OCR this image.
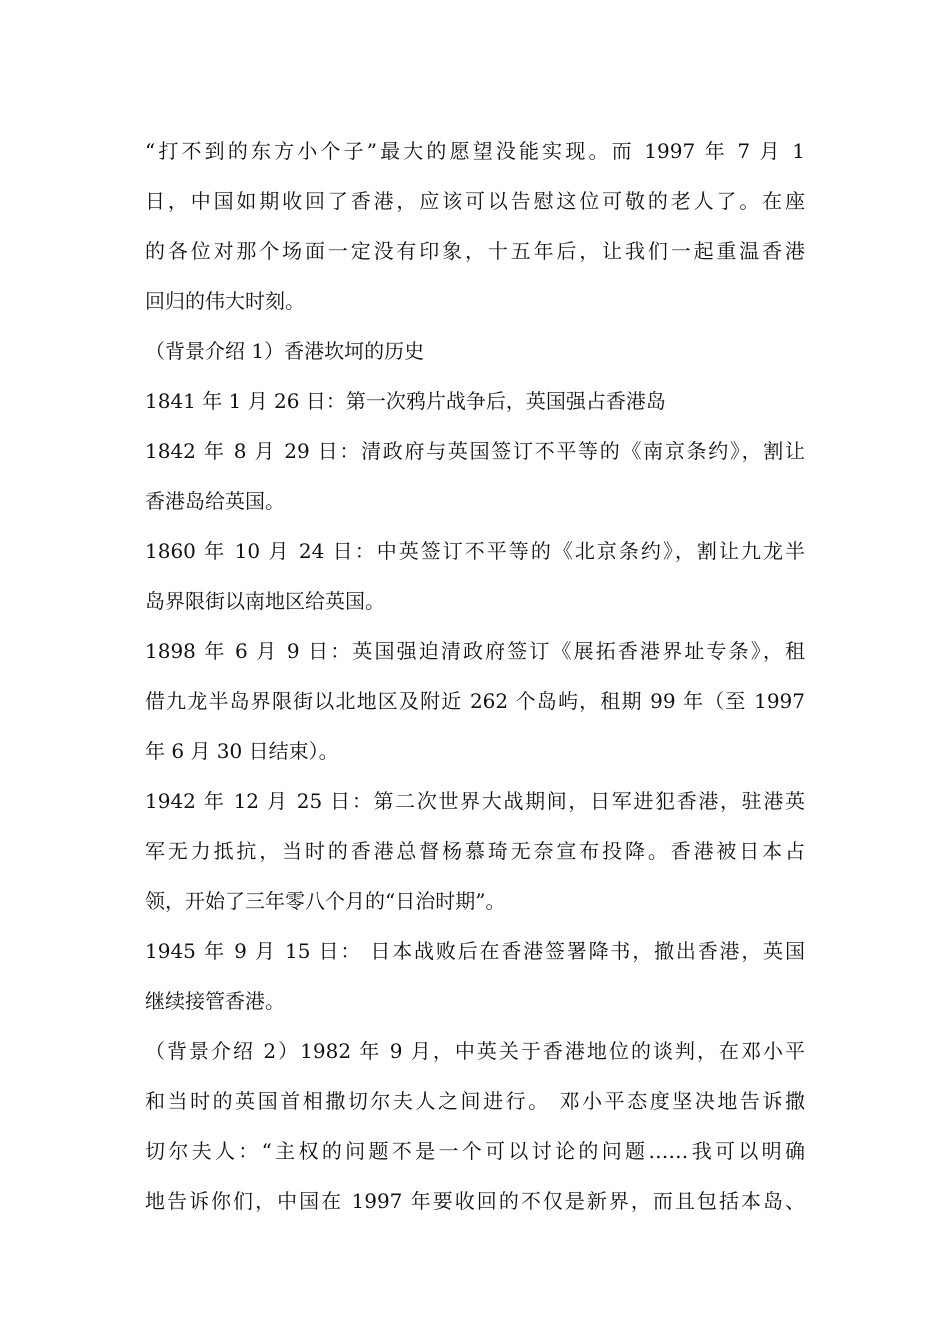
“打不到的东方小个子”最大的愿望没能实现。而 1997 年 7 月 1
日，中国如期收回了香港，应该可以告慰这位可敬的老人了。在座
的各位对那个场面一定没有印象，十五年后，让我们一起重温香港
回归的伟大时刻。
（背景介绍 1）香港坎坷的历史
1841 年 1 月 26 日：第一次鸦片战争后，英国强占香港岛
1842 年 8 月 29 日：清政府与英国签订不平等的《南京条约》，割让
香港岛给英国。
1860 年 10 月 24 日：中英签订不平等的《北京条约》，割让九龙半
岛界限街以南地区给英国。
1898 年 6 月 9 日：英国强迫清政府签订《展拓香港界址专条》，租
借九龙半岛界限街以北地区及附近 262 个岛屿，租期 99 年（至 1997
年 6 月 30 日结束）。
1942 年 12 月 25 日：第二次世界大战期间，日军进犯香港，驻港英
军无力抵抗，当时的香港总督杨慕琦无奈宣布投降。香港被日本占
领，开始了三年零八个月的“日治时期”。
1945 年 9 月 15 日： 日本战败后在香港签署降书，撤出香港，英国
继续接管香港。
（背景介绍 2）1982 年 9 月，中英关于香港地位的谈判，在邓小平
和当时的英国首相撒切尔夫人之间进行。 邓小平态度坚决地告诉撒
切尔夫人：“主权的问题不是一个可以讨论的问题……我可以明确
地告诉你们，中国在 1997 年要收回的不仅是新界，而且包括本岛、
